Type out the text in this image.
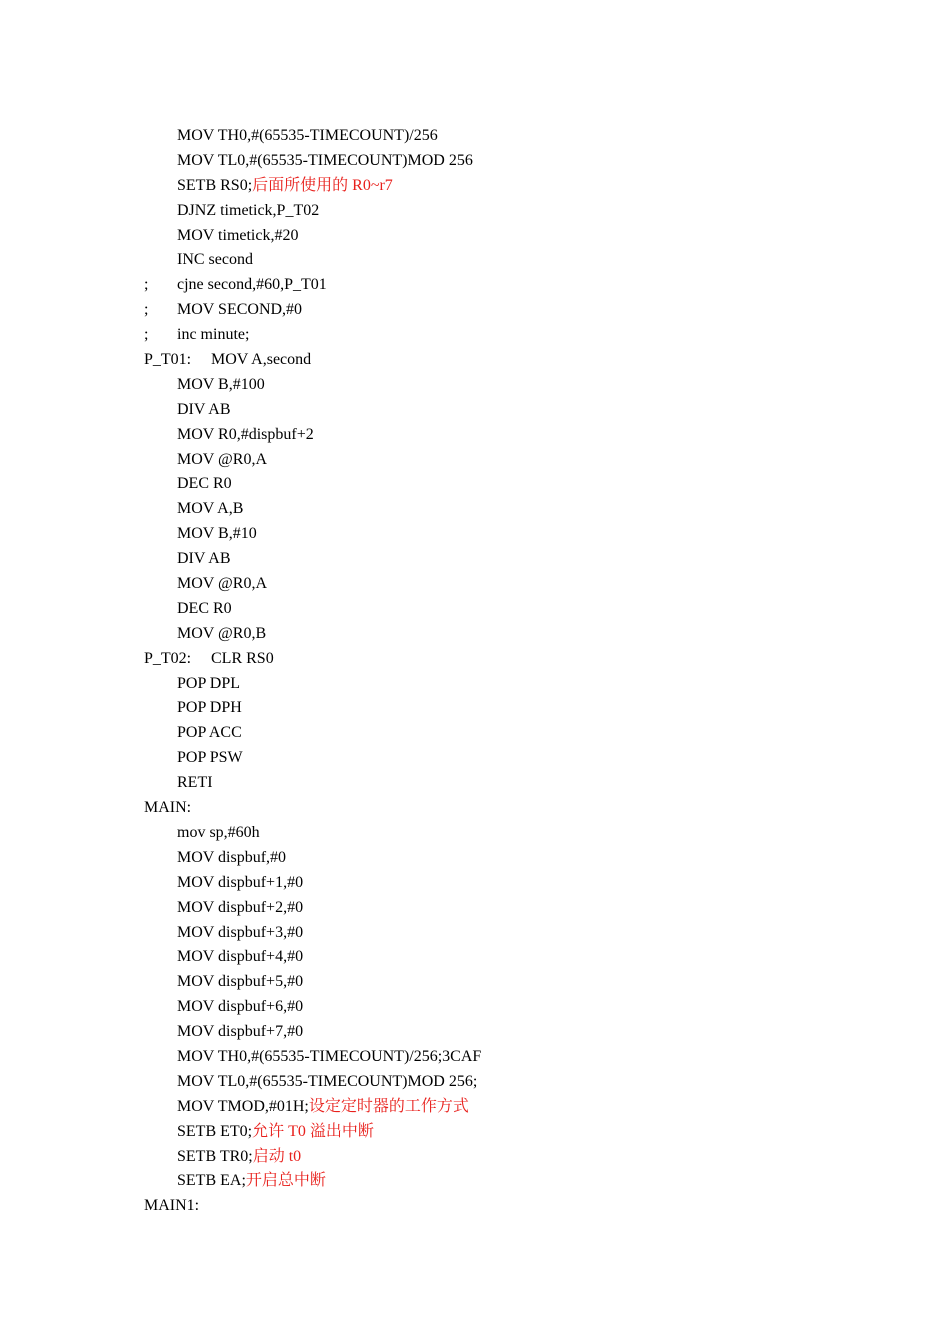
MOV TH0,#(65535-TIMECOUNT)/256
MOV TL0,#(65535-TIMECOUNT)MOD 256
SETB RS0;后面所使用的 R0~r7
DJNZ timetick,P_T02
MOV timetick,#20
INC second
; cjne second,#60,P_T01
; MOV SECOND,#0
; inc minute;
P_T01: MOV A,second
MOV B,#100
DIV AB
MOV R0,#dispbuf+2
MOV @R0,A
DEC R0
MOV A,B
MOV B,#10
DIV AB
MOV @R0,A
DEC R0
MOV @R0,B
P_T02: CLR RS0
POP DPL
POP DPH
POP ACC
POP PSW
RETI
MAIN:
mov sp,#60h
MOV dispbuf,#0
MOV dispbuf+1,#0
MOV dispbuf+2,#0
MOV dispbuf+3,#0
MOV dispbuf+4,#0
MOV dispbuf+5,#0
MOV dispbuf+6,#0
MOV dispbuf+7,#0
MOV TH0,#(65535-TIMECOUNT)/256;3CAF
MOV TL0,#(65535-TIMECOUNT)MOD 256;
MOV TMOD,#01H;设定定时器的工作方式
SETB ET0;允许 T0 溢出中断
SETB TR0;启动 t0
SETB EA;开启总中断
MAIN1:
